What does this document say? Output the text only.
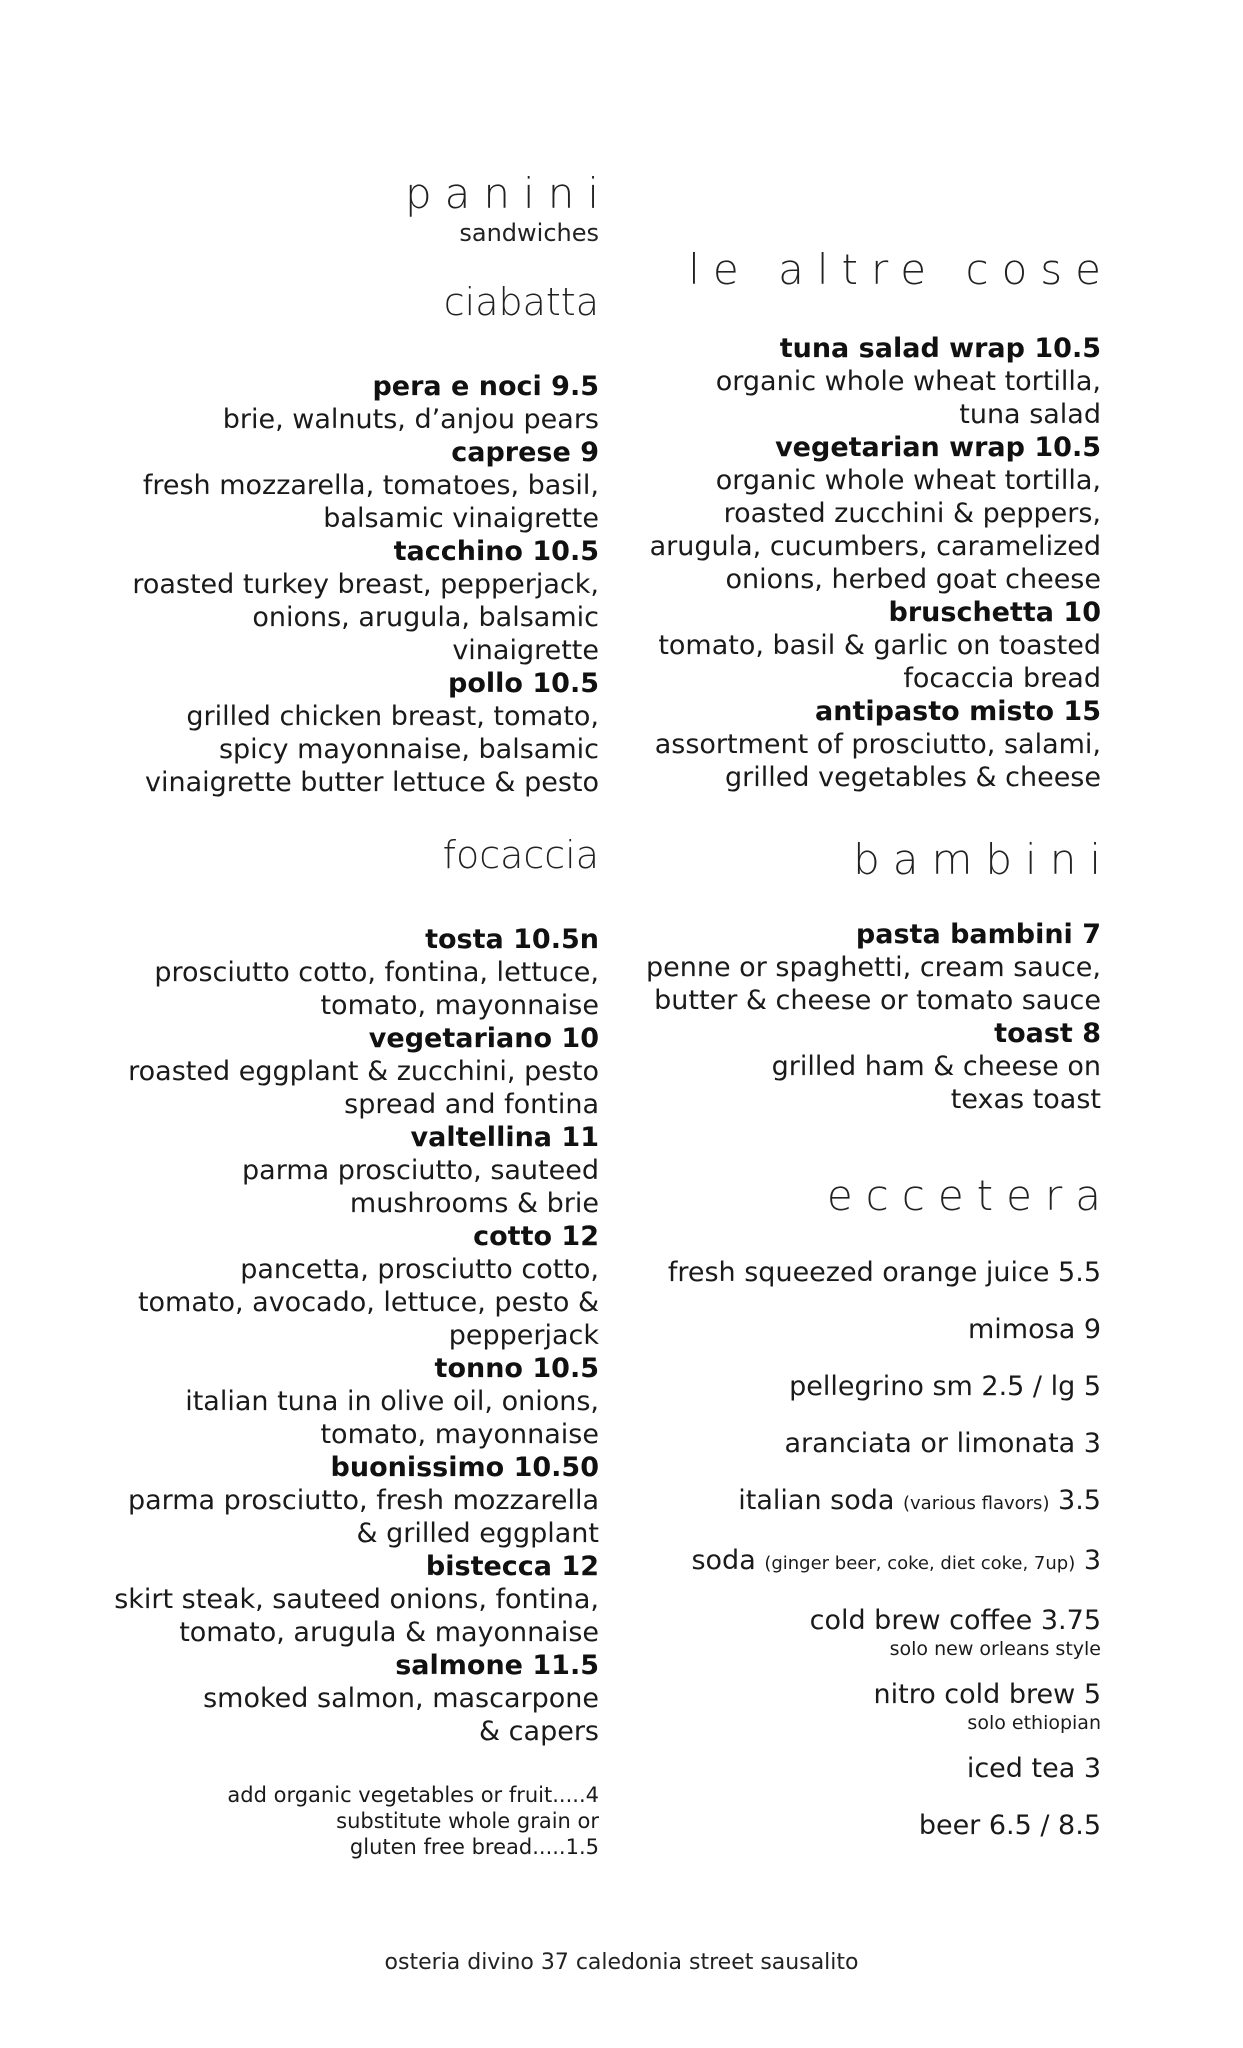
panini
sandwiches
ciabatta
pera e noci 9.5
brie, walnuts, d’anjou pears
caprese 9
fresh mozzarella, tomatoes, basil,
balsamic vinaigrette
tacchino 10.5
roasted turkey breast, pepperjack,
onions, arugula, balsamic
vinaigrette
pollo 10.5
grilled chicken breast, tomato,
spicy mayonnaise, balsamic
vinaigrette butter lettuce & pesto
focaccia
tosta 10.5n
prosciutto cotto, fontina, lettuce,
tomato, mayonnaise
vegetariano 10
roasted eggplant & zucchini, pesto
spread and fontina
valtellina 11
parma prosciutto, sauteed
mushrooms & brie
cotto 12
pancetta, prosciutto cotto,
tomato, avocado, lettuce, pesto &
pepperjack
tonno 10.5
italian tuna in olive oil, onions,
tomato, mayonnaise
buonissimo 10.50
parma prosciutto, fresh mozzarella
& grilled eggplant
bistecca 12
skirt steak, sauteed onions, fontina,
tomato, arugula & mayonnaise
salmone 11.5
smoked salmon, mascarpone
& capers
add organic vegetables or fruit.....4
substitute whole grain or
gluten free bread.....1.5
le altre cose
tuna salad wrap 10.5
organic whole wheat tortilla,
tuna salad
vegetarian wrap 10.5
organic whole wheat tortilla,
roasted zucchini & peppers,
arugula, cucumbers, caramelized
onions, herbed goat cheese
bruschetta 10
tomato, basil & garlic on toasted
focaccia bread
antipasto misto 15
assortment of prosciutto, salami,
grilled vegetables & cheese
bambini
pasta bambini 7
penne or spaghetti, cream sauce,
butter & cheese or tomato sauce
toast 8
grilled ham & cheese on
texas toast
eccetera
fresh squeezed orange juice 5.5
mimosa 9
pellegrino sm 2.5 / lg 5
aranciata or limonata 3
italian soda (various flavors) 3.5
soda (ginger beer, coke, diet coke, 7up) 3
cold brew coffee 3.75
solo new orleans style
nitro cold brew 5
solo ethiopian
iced tea 3
beer 6.5 / 8.5
osteria divino 37 caledonia street sausalito
